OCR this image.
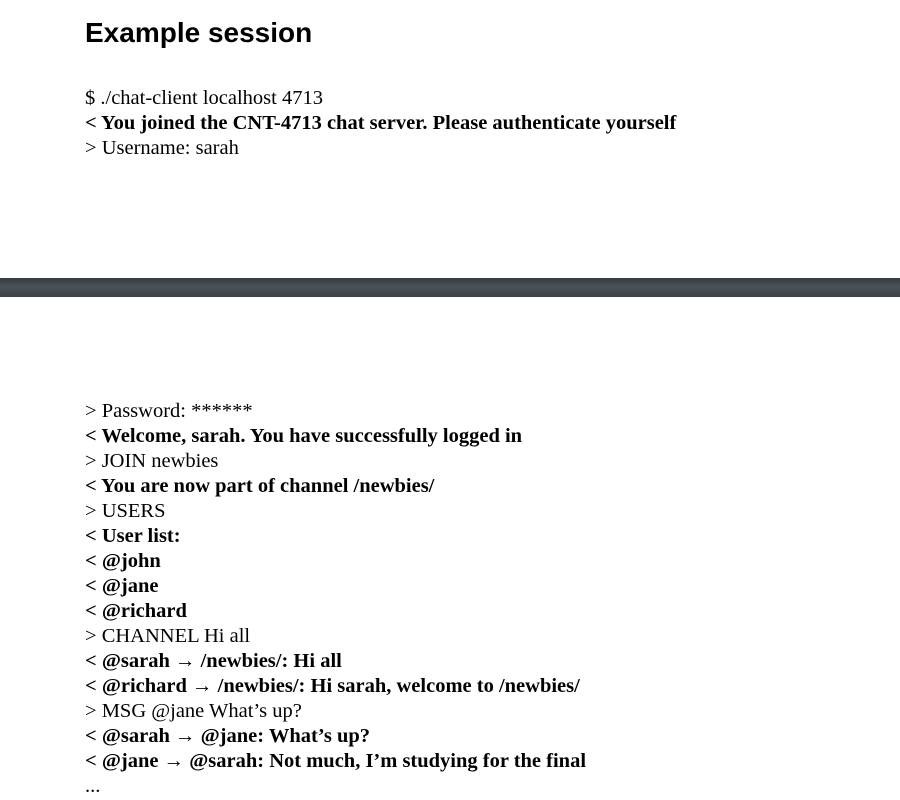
Example session
$ ./chat-client localhost 4713
< You joined the CNT-4713 chat server. Please authenticate yourself
> Username: sarah
> Password: ******
< Welcome, sarah. You have successfully logged in
> JOIN newbies
< You are now part of channel /newbies/
> USERS
< User list:
< @john
< @jane
< @richard
> CHANNEL Hi all
< @sarah → /newbies/: Hi all
< @richard → /newbies/: Hi sarah, welcome to /newbies/
> MSG @jane What’s up?
< @sarah → @jane: What’s up?
< @jane → @sarah: Not much, I’m studying for the final
...
